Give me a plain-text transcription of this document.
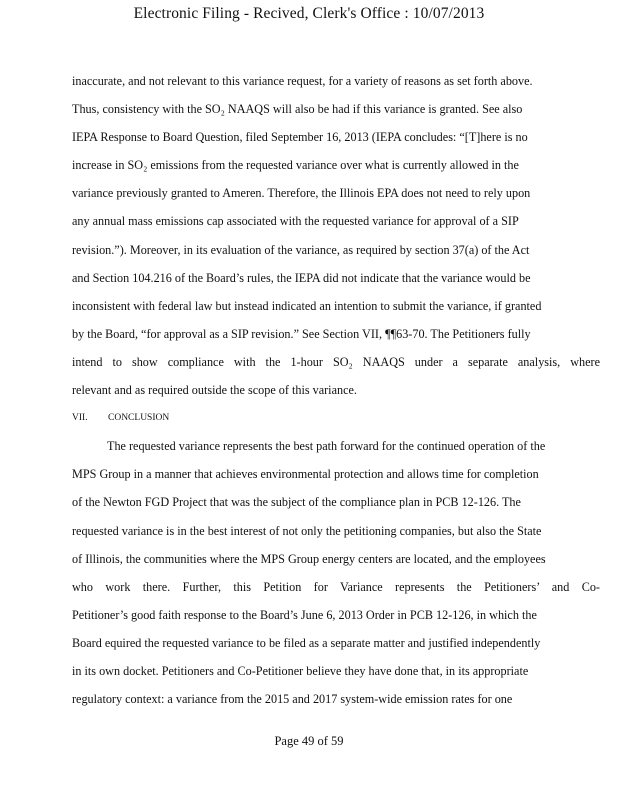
Electronic Filing - Recived, Clerk's Office : 10/07/2013
inaccurate, and not relevant to this variance request, for a variety of reasons as set forth above.
Thus, consistency with the SO₂ NAAQS will also be had if this variance is granted. See also
IEPA Response to Board Question, filed September 16, 2013 (IEPA concludes: “[T]here is no
increase in SO₂ emissions from the requested variance over what is currently allowed in the
variance previously granted to Ameren. Therefore, the Illinois EPA does not need to rely upon
any annual mass emissions cap associated with the requested variance for approval of a SIP
revision.”). Moreover, in its evaluation of the variance, as required by section 37(a) of the Act
and Section 104.216 of the Board’s rules, the IEPA did not indicate that the variance would be
inconsistent with federal law but instead indicated an intention to submit the variance, if granted
by the Board, “for approval as a SIP revision.” See Section VII, ¶¶63-70. The Petitioners fully
intend to show compliance with the 1-hour SO₂ NAAQS under a separate analysis, where
relevant and as required outside the scope of this variance.
VII. CONCLUSION
The requested variance represents the best path forward for the continued operation of the
MPS Group in a manner that achieves environmental protection and allows time for completion
of the Newton FGD Project that was the subject of the compliance plan in PCB 12-126. The
requested variance is in the best interest of not only the petitioning companies, but also the State
of Illinois, the communities where the MPS Group energy centers are located, and the employees
who work there. Further, this Petition for Variance represents the Petitioners’ and Co-
Petitioner’s good faith response to the Board’s June 6, 2013 Order in PCB 12-126, in which the
Board equired the requested variance to be filed as a separate matter and justified independently
in its own docket. Petitioners and Co-Petitioner believe they have done that, in its appropriate
regulatory context: a variance from the 2015 and 2017 system-wide emission rates for one
Page 49 of 59
